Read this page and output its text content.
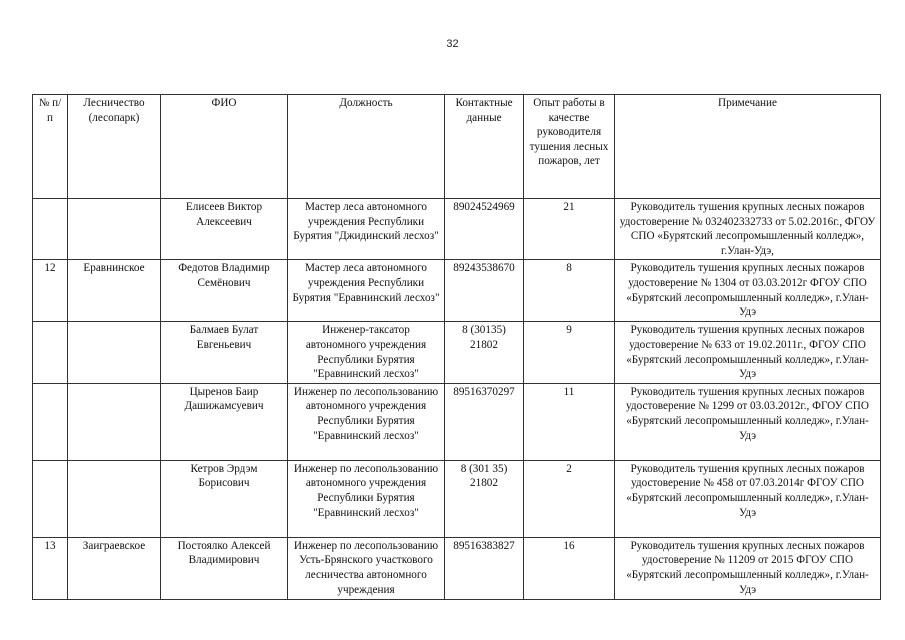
32
№ п/п	Лесничество (лесопарк)	ФИО	Должность	Контактные данные	Опыт работы в качестве руководителя тушения лесных пожаров, лет	Примечание
		Елисеев Виктор Алексеевич	Мастер леса автономного учреждения Республики Бурятия "Джидинский лесхоз"	89024524969	21	Руководитель тушения крупных лесных пожаров удостоверение № 032402332733 от 5.02.2016г., ФГОУ СПО «Бурятский лесопромышленный колледж», г.Улан-Удэ,
12	Еравнинское	Федотов Владимир Семёнович	Мастер леса автономного учреждения Республики Бурятия "Еравнинский лесхоз"	89243538670	8	Руководитель тушения крупных лесных пожаров удостоверение № 1304 от 03.03.2012г ФГОУ СПО «Бурятский лесопромышленный колледж», г.Улан-Удэ
		Балмаев Булат Евгеньевич	Инженер-таксатор автономного учреждения Республики Бурятия "Еравнинский лесхоз"	8 (30135) 21802	9	Руководитель тушения крупных лесных пожаров удостоверение № 633 от 19.02.2011г., ФГОУ СПО «Бурятский лесопромышленный колледж», г.Улан-Удэ
		Цыренов Баир Дашижамсуевич	Инженер по лесопользованию автономного учреждения Республики Бурятия "Еравнинский лесхоз"	89516370297	11	Руководитель тушения крупных лесных пожаров удостоверение № 1299 от 03.03.2012г., ФГОУ СПО «Бурятский лесопромышленный колледж», г.Улан-Удэ
		Кетров Эрдэм Борисович	Инженер по лесопользованию автономного учреждения Республики Бурятия "Еравнинский лесхоз"	8 (301 35) 21802	2	Руководитель тушения крупных лесных пожаров удостоверение № 458 от 07.03.2014г ФГОУ СПО «Бурятский лесопромышленный колледж», г.Улан-Удэ
13	Заиграевское	Постоялко Алексей Владимирович	Инженер по лесопользованию Усть-Брянского участкового лесничества автономного учреждения	89516383827	16	Руководитель тушения крупных лесных пожаров удостоверение № 11209 от 2015 ФГОУ СПО «Бурятский лесопромышленный колледж», г.Улан-Удэ
